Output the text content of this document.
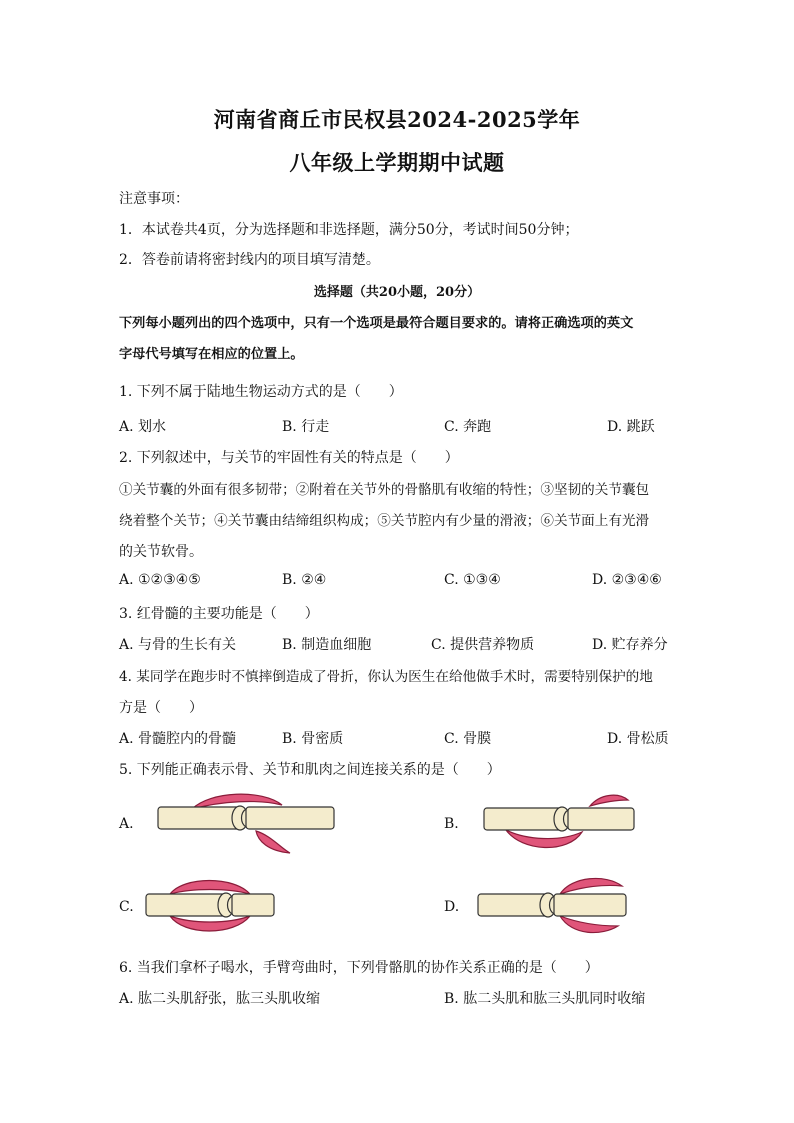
河南省商丘市民权县2024-2025学年
八年级上学期期中试题
注意事项：
1．本试卷共4页，分为选择题和非选择题，满分50分，考试时间50分钟；
2．答卷前请将密封线内的项目填写清楚。
选择题（共20小题，20分）
下列每小题列出的四个选项中，只有一个选项是最符合题目要求的。请将正确选项的英文
字母代号填写在相应的位置上。
1. 下列不属于陆地生物运动方式的是（　　）
A. 划水	B. 行走	C. 奔跑	D. 跳跃
2. 下列叙述中，与关节的牢固性有关的特点是（　　）
①关节囊的外面有很多韧带；②附着在关节外的骨骼肌有收缩的特性；③坚韧的关节囊包
绕着整个关节；④关节囊由结缔组织构成；⑤关节腔内有少量的滑液；⑥关节面上有光滑
的关节软骨。
A. ①②③④⑤	B. ②④	C. ①③④	D. ②③④⑥
3. 红骨髓的主要功能是（　　）
A. 与骨的生长有关	B. 制造血细胞	C. 提供营养物质	D. 贮存养分
4. 某同学在跑步时不慎摔倒造成了骨折，你认为医生在给他做手术时，需要特别保护的地
方是（　　）
A. 骨髓腔内的骨髓	B. 骨密质	C. 骨膜	D. 骨松质
5. 下列能正确表示骨、关节和肌肉之间连接关系的是（　　）
A.	B.
C.	D.
6. 当我们拿杯子喝水，手臂弯曲时，下列骨骼肌的协作关系正确的是（　　）
A. 肱二头肌舒张，肱三头肌收缩	B. 肱二头肌和肱三头肌同时收缩
